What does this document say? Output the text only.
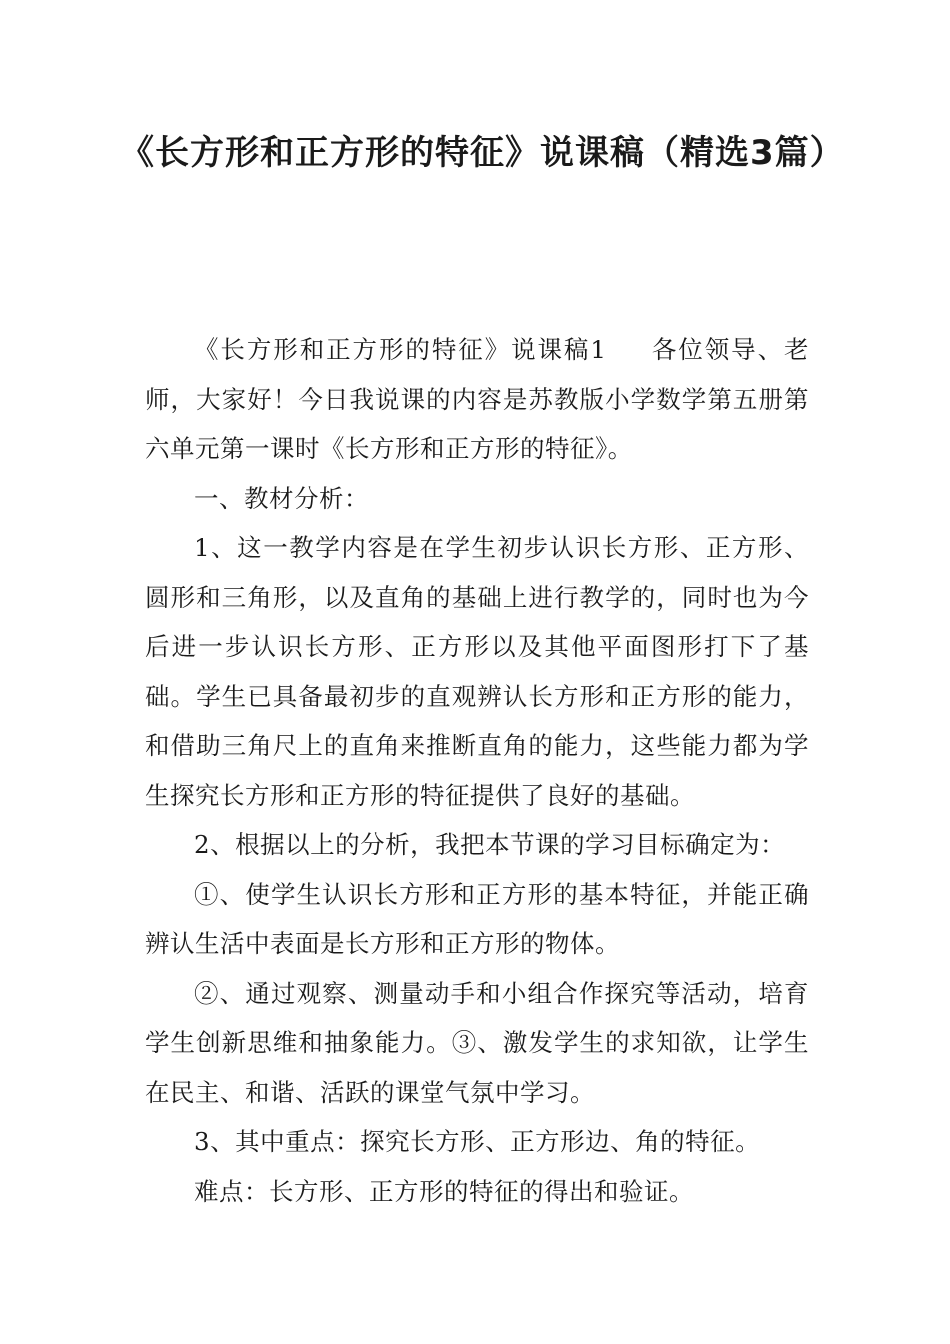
《长方形和正方形的特征》说课稿（精选3篇）

《长方形和正方形的特征》说课稿1 各位领导、老师，大家好！今日我说课的内容是苏教版小学数学第五册第六单元第一课时《长方形和正方形的特征》。

一、教材分析：

1、这一教学内容是在学生初步认识长方形、正方形、圆形和三角形，以及直角的基础上进行教学的，同时也为今后进一步认识长方形、正方形以及其他平面图形打下了基础。学生已具备最初步的直观辨认长方形和正方形的能力，和借助三角尺上的直角来推断直角的能力，这些能力都为学生探究长方形和正方形的特征提供了良好的基础。

2、根据以上的分析，我把本节课的学习目标确定为：

①、使学生认识长方形和正方形的基本特征，并能正确辨认生活中表面是长方形和正方形的物体。

②、通过观察、测量动手和小组合作探究等活动，培育学生创新思维和抽象能力。③、激发学生的求知欲，让学生在民主、和谐、活跃的课堂气氛中学习。

3、其中重点：探究长方形、正方形边、角的特征。

难点：长方形、正方形的特征的得出和验证。
